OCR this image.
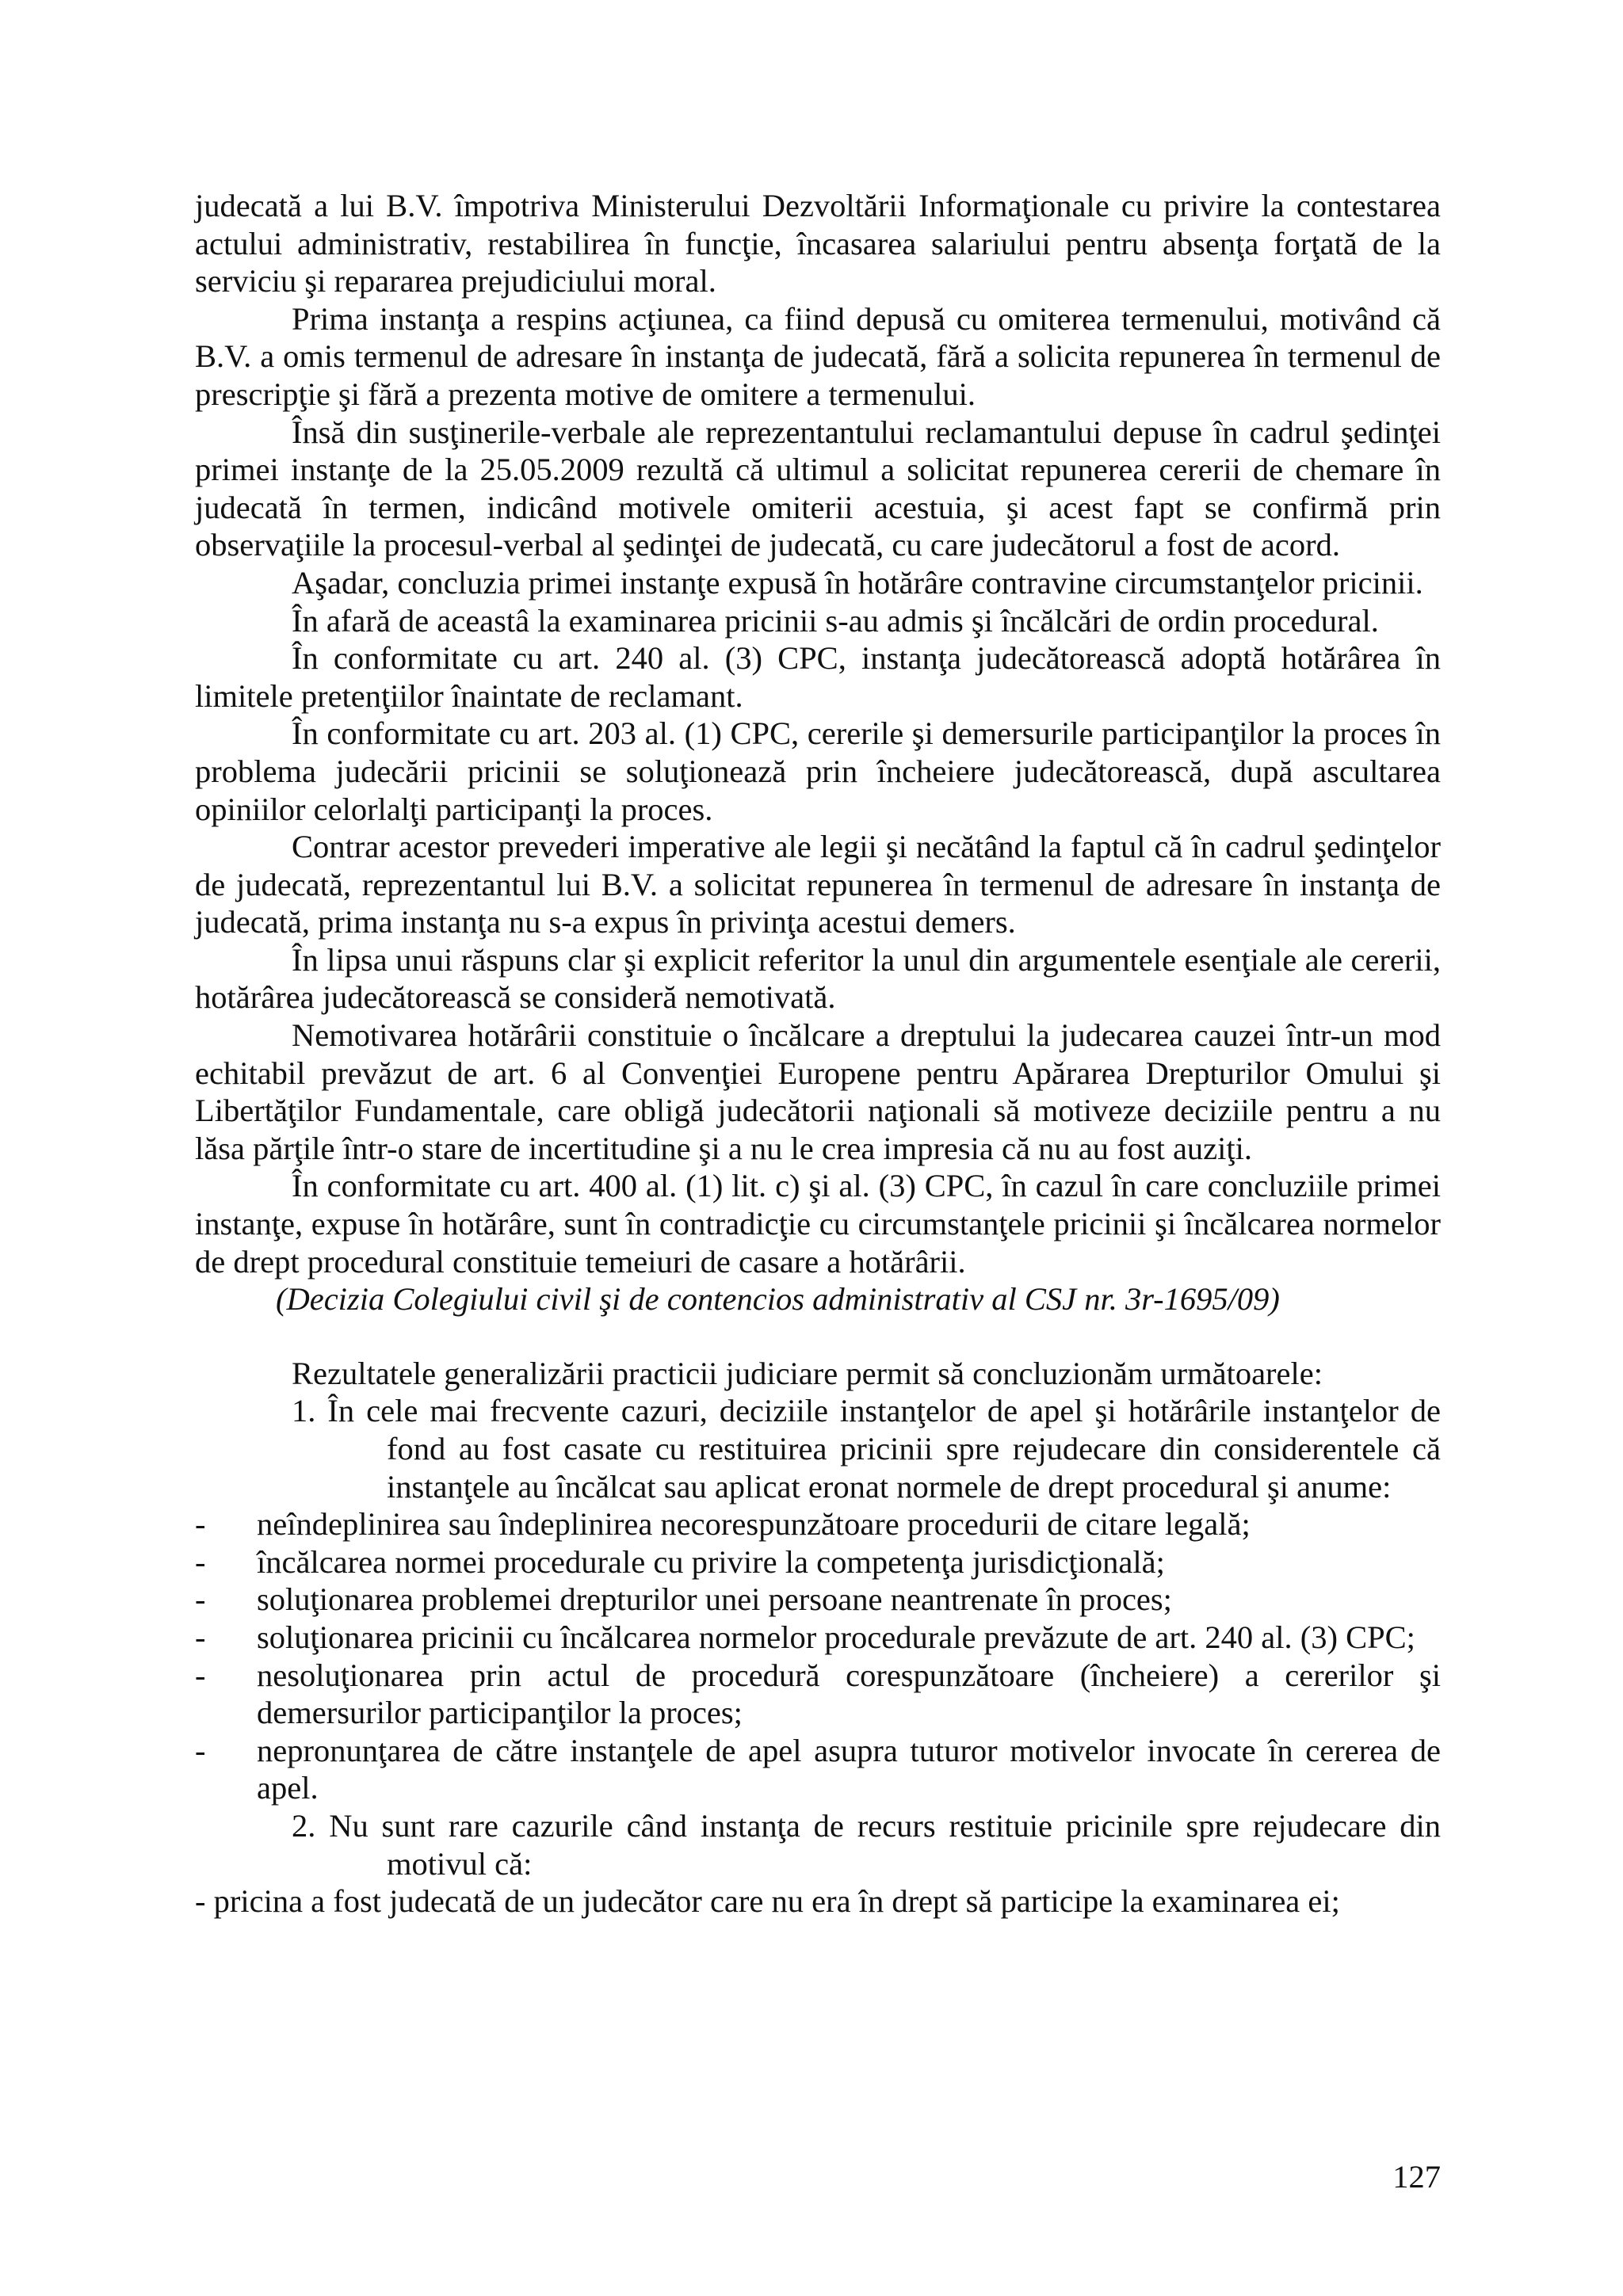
judecată a lui B.V. împotriva Ministerului Dezvoltării Informaţionale cu privire la contestarea actului administrativ, restabilirea în funcţie, încasarea salariului pentru absenţa forţată de la serviciu şi repararea prejudiciului moral.

Prima instanţa a respins acţiunea, ca fiind depusă cu omiterea termenului, motivând că B.V. a omis termenul de adresare în instanţa de judecată, fără a solicita repunerea în termenul de prescripţie şi fără a prezenta motive de omitere a termenului.

Însă din susţinerile-verbale ale reprezentantului reclamantului depuse în cadrul şedinţei primei instanţe de la 25.05.2009 rezultă că ultimul a solicitat repunerea cererii de chemare în judecată în termen, indicând motivele omiterii acestuia, şi acest fapt se confirmă prin observaţiile la procesul-verbal al şedinţei de judecată, cu care judecătorul a fost de acord.

Aşadar, concluzia primei instanţe expusă în hotărâre contravine circumstanţelor pricinii.

În afară de aceastâ la examinarea pricinii s-au admis şi încălcări de ordin procedural.

În conformitate cu art. 240 al. (3) CPC, instanţa judecătorească adoptă hotărârea în limitele pretenţiilor înaintate de reclamant.

În conformitate cu art. 203 al. (1) CPC, cererile şi demersurile participanţilor la proces în problema judecării pricinii se soluţionează prin încheiere judecătorească, după ascultarea opiniilor celorlalţi participanţi la proces.

Contrar acestor prevederi imperative ale legii şi necătând la faptul că în cadrul şedinţelor de judecată, reprezentantul lui B.V. a solicitat repunerea în termenul de adresare în instanţa de judecată, prima instanţa nu s-a expus în privinţa acestui demers.

În lipsa unui răspuns clar şi explicit referitor la unul din argumentele esenţiale ale cererii, hotărârea judecătorească se consideră nemotivată.

Nemotivarea hotărârii constituie o încălcare a dreptului la judecarea cauzei într-un mod echitabil prevăzut de art. 6 al Convenţiei Europene pentru Apărarea Drepturilor Omului şi Libertăţilor Fundamentale, care obligă judecătorii naţionali să motiveze deciziile pentru a nu lăsa părţile într-o stare de incertitudine şi a nu le crea impresia că nu au fost auziţi.

În conformitate cu art. 400 al. (1) lit. c) şi al. (3) CPC, în cazul în care concluziile primei instanţe, expuse în hotărâre, sunt în contradicţie cu circumstanţele pricinii şi încălcarea normelor de drept procedural constituie temeiuri de casare a hotărârii.

(Decizia Colegiului civil şi de contencios administrativ al CSJ nr. 3r-1695/09)

Rezultatele generalizării practicii judiciare permit să concluzionăm următoarele:

1. În cele mai frecvente cazuri, deciziile instanţelor de apel şi hotărârile instanţelor de fond au fost casate cu restituirea pricinii spre rejudecare din considerentele că instanţele au încălcat sau aplicat eronat normele de drept procedural şi anume:

- neîndeplinirea sau îndeplinirea necorespunzătoare procedurii de citare legală;
- încălcarea normei procedurale cu privire la competenţa jurisdicţională;
- soluţionarea problemei drepturilor unei persoane neantrenate în proces;
- soluţionarea pricinii cu încălcarea normelor procedurale prevăzute de art. 240 al. (3) CPC;
- nesoluţionarea prin actul de procedură corespunzătoare (încheiere) a cererilor şi demersurilor participanţilor la proces;
- nepronunţarea de către instanţele de apel asupra tuturor motivelor invocate în cererea de apel.

2. Nu sunt rare cazurile când instanţa de recurs restituie pricinile spre rejudecare din motivul că:

- pricina a fost judecată de un judecător care nu era în drept să participe la examinarea ei;

127
